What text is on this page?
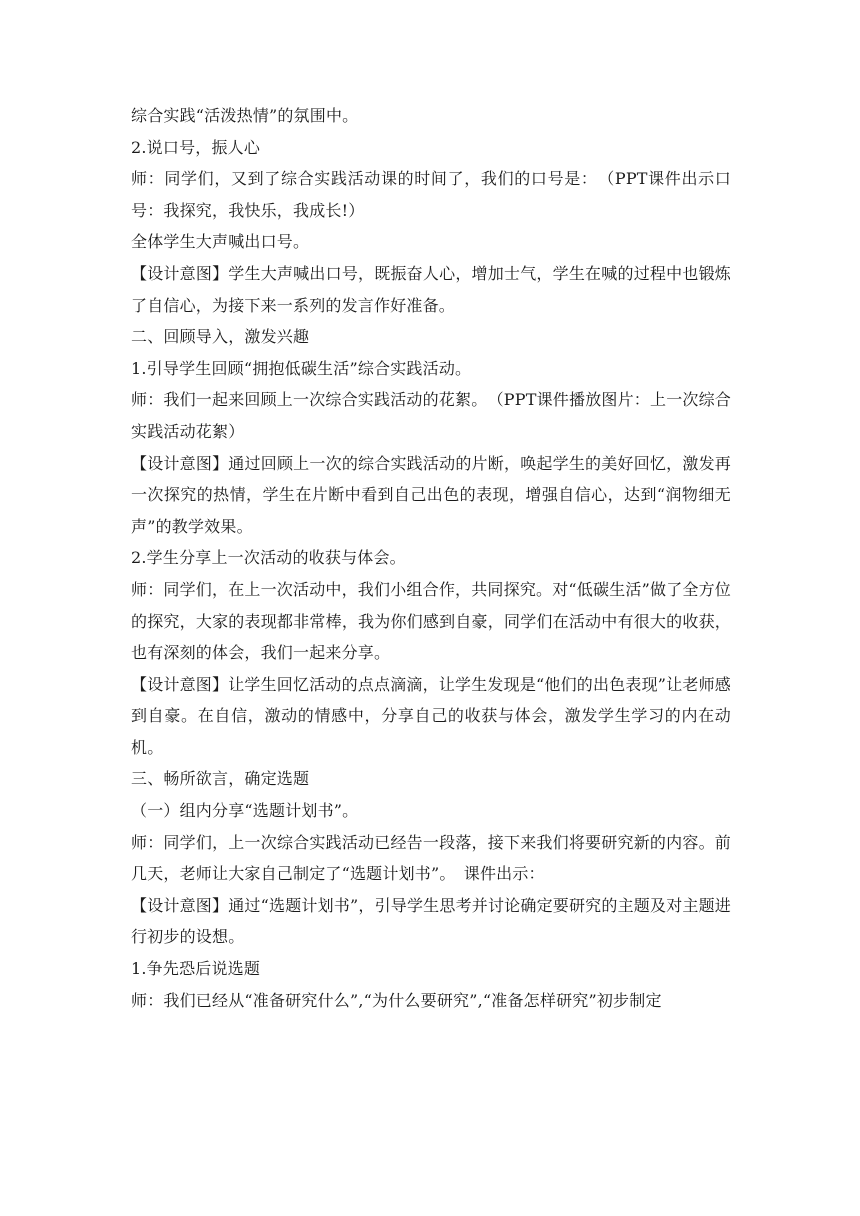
综合实践“活泼热情”的氛围中。

2.说口号，振人心

师：同学们，又到了综合实践活动课的时间了，我们的口号是：　（PPT课件出示口号：我探究，我快乐，我成长!）

全体学生大声喊出口号。

【设计意图】学生大声喊出口号，既振奋人心，增加士气，学生在喊的过程中也锻炼了自信心，为接下来一系列的发言作好准备。

二、回顾导入，激发兴趣

1.引导学生回顾“拥抱低碳生活”综合实践活动。

师：我们一起来回顾上一次综合实践活动的花絮。　（PPT课件播放图片：上一次综合实践活动花絮）

【设计意图】通过回顾上一次的综合实践活动的片断，唤起学生的美好回忆，激发再一次探究的热情，学生在片断中看到自己出色的表现，增强自信心，达到“润物细无声”的教学效果。

2.学生分享上一次活动的收获与体会。

师：同学们，在上一次活动中，我们小组合作，共同探究。对“低碳生活”做了全方位的探究，大家的表现都非常棒，我为你们感到自豪，同学们在活动中有很大的收获，也有深刻的体会，我们一起来分享。

【设计意图】让学生回忆活动的点点滴滴，让学生发现是“他们的出色表现”让老师感到自豪。在自信，激动的情感中，分享自己的收获与体会，激发学生学习的内在动机。

三、畅所欲言，确定选题

（一）组内分享“选题计划书”。

师：同学们，上一次综合实践活动已经告一段落，接下来我们将要研究新的内容。前几天，老师让大家自己制定了“选题计划书”。　课件出示：

【设计意图】通过“选题计划书”，引导学生思考并讨论确定要研究的主题及对主题进行初步的设想。

1.争先恐后说选题

师：我们已经从“准备研究什么”,“为什么要研究”,“准备怎样研究”初步制定
